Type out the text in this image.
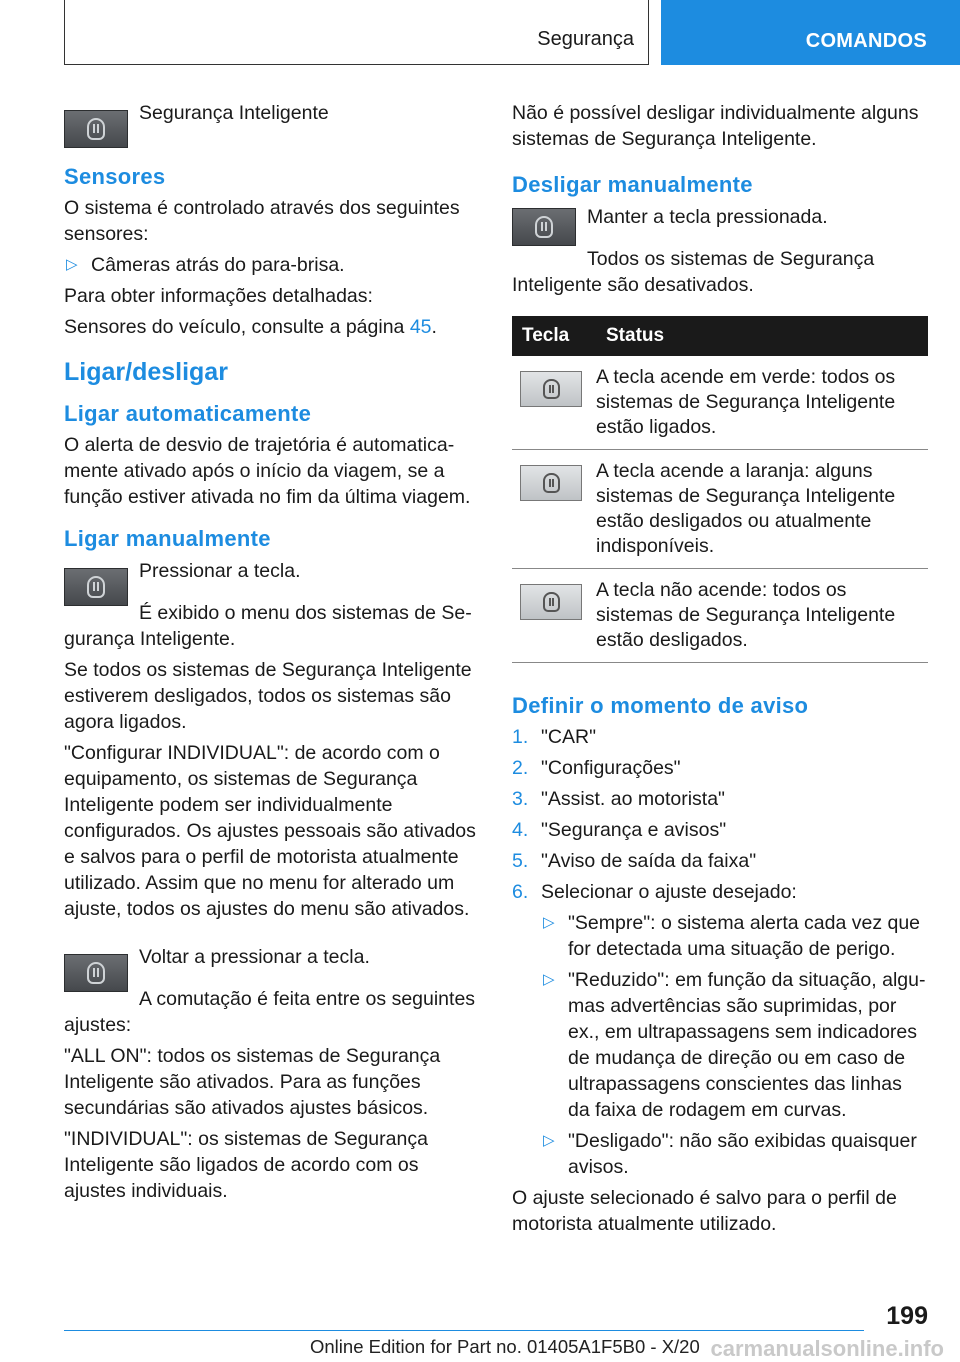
Segurança	COMANDOS

Segurança Inteligente

Sensores

O sistema é controlado através dos seguintes sensores:

▷ Câmeras atrás do para-brisa.

Para obter informações detalhadas:

Sensores do veículo, consulte a página 45.

Ligar/desligar
Ligar automaticamente

O alerta de desvio de trajetória é automaticamente ativado após o início da viagem, se a função estiver ativada no fim da última viagem.

Ligar manualmente

Pressionar a tecla.

É exibido o menu dos sistemas de Segurança Inteligente.

Se todos os sistemas de Segurança Inteligente estiverem desligados, todos os sistemas são agora ligados.

"Configurar INDIVIDUAL": de acordo com o equipamento, os sistemas de Segurança Inteligente podem ser individualmente configurados. Os ajustes pessoais são ativados e salvos para o perfil de motorista atualmente utilizado. Assim que no menu for alterado um ajuste, todos os ajustes do menu são ativados.

Voltar a pressionar a tecla.

A comutação é feita entre os seguintes ajustes:

"ALL ON": todos os sistemas de Segurança Inteligente são ativados. Para as funções secundárias são ativados ajustes básicos.

"INDIVIDUAL": os sistemas de Segurança Inteligente são ligados de acordo com os ajustes individuais.

Não é possível desligar individualmente alguns sistemas de Segurança Inteligente.

Desligar manualmente

Manter a tecla pressionada.

Todos os sistemas de Segurança Inteligente são desativados.

Tecla	Status

	A tecla acende em verde: todos os sistemas de Segurança Inteligente estão ligados.

	A tecla acende a laranja: alguns sistemas de Segurança Inteligente estão desligados ou atualmente indisponíveis.

	A tecla não acende: todos os sistemas de Segurança Inteligente estão desligados.
Definir o momento de aviso
1. "CAR"
2. "Configurações"
3. "Assist. ao motorista"
4. "Segurança e avisos"
5. "Aviso de saída da faixa"
6. Selecionar o ajuste desejado:
▷ "Sempre": o sistema alerta cada vez que for detectada uma situação de perigo.
▷ "Reduzido": em função da situação, algumas advertências são suprimidas, por ex., em ultrapassagens sem indicadores de mudança de direção ou em caso de ultrapassagens conscientes das linhas da faixa de rodagem em curvas.
▷ "Desligado": não são exibidas quaisquer avisos.

O ajuste selecionado é salvo para o perfil de motorista atualmente utilizado.

199
Online Edition for Part no. 01405A1F5B0 - X/20 carmanualsonline.info
